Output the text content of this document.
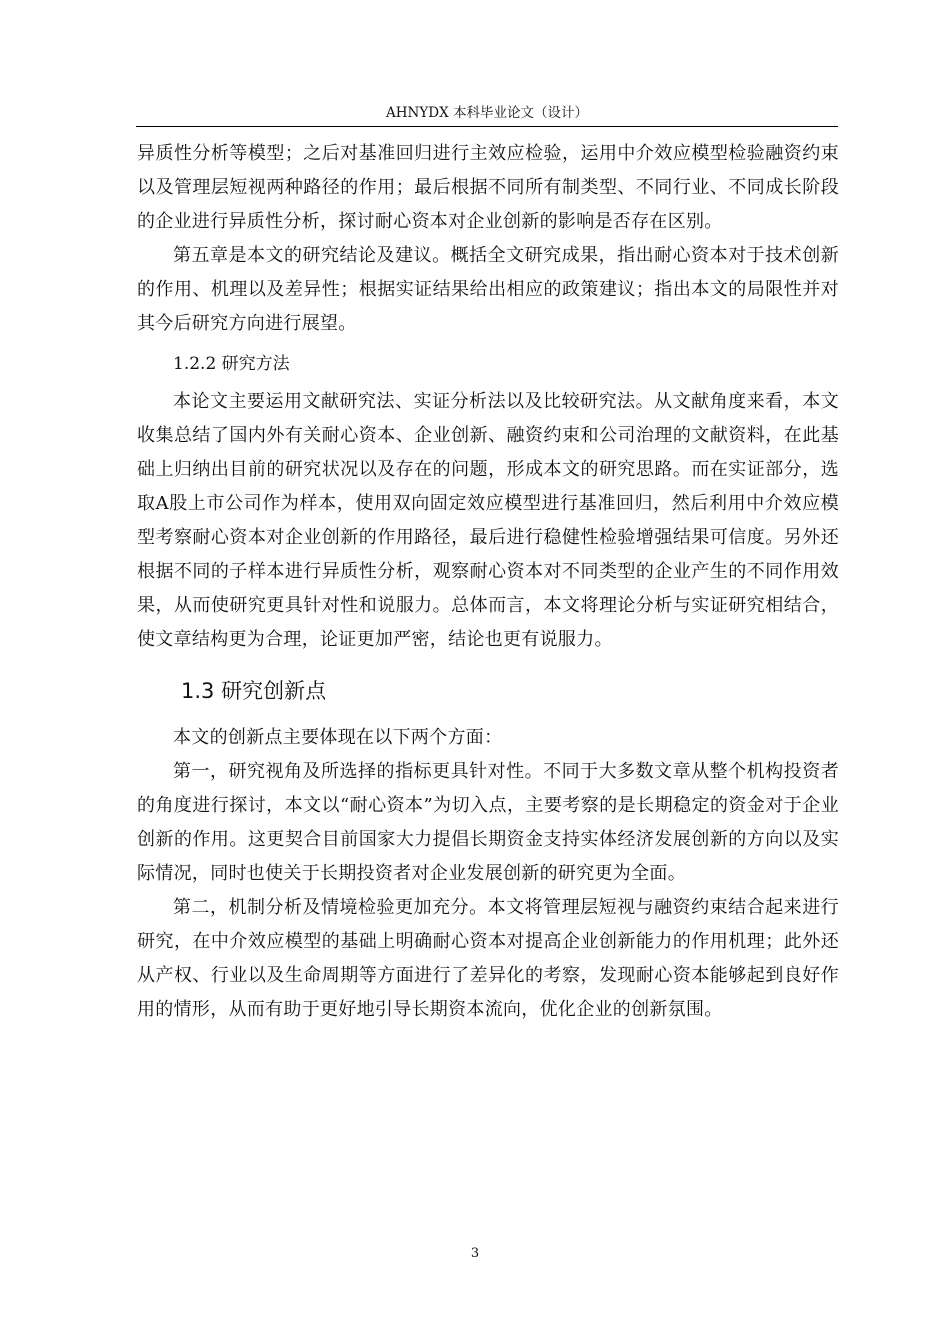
AHNYDX 本科毕业论文（设计）

异质性分析等模型；之后对基准回归进行主效应检验，运用中介效应模型检验融资约束以及管理层短视两种路径的作用；最后根据不同所有制类型、不同行业、不同成长阶段的企业进行异质性分析，探讨耐心资本对企业创新的影响是否存在区别。

第五章是本文的研究结论及建议。概括全文研究成果，指出耐心资本对于技术创新的作用、机理以及差异性；根据实证结果给出相应的政策建议；指出本文的局限性并对其今后研究方向进行展望。

1.2.2 研究方法

本论文主要运用文献研究法、实证分析法以及比较研究法。从文献角度来看，本文收集总结了国内外有关耐心资本、企业创新、融资约束和公司治理的文献资料，在此基础上归纳出目前的研究状况以及存在的问题，形成本文的研究思路。而在实证部分，选取A股上市公司作为样本，使用双向固定效应模型进行基准回归，然后利用中介效应模型考察耐心资本对企业创新的作用路径，最后进行稳健性检验增强结果可信度。另外还根据不同的子样本进行异质性分析，观察耐心资本对不同类型的企业产生的不同作用效果，从而使研究更具针对性和说服力。总体而言，本文将理论分析与实证研究相结合，使文章结构更为合理，论证更加严密，结论也更有说服力。

1.3 研究创新点

本文的创新点主要体现在以下两个方面：

第一，研究视角及所选择的指标更具针对性。不同于大多数文章从整个机构投资者的角度进行探讨，本文以“耐心资本”为切入点，主要考察的是长期稳定的资金对于企业创新的作用。这更契合目前国家大力提倡长期资金支持实体经济发展创新的方向以及实际情况，同时也使关于长期投资者对企业发展创新的研究更为全面。

第二，机制分析及情境检验更加充分。本文将管理层短视与融资约束结合起来进行研究，在中介效应模型的基础上明确耐心资本对提高企业创新能力的作用机理；此外还从产权、行业以及生命周期等方面进行了差异化的考察，发现耐心资本能够起到良好作用的情形，从而有助于更好地引导长期资本流向，优化企业的创新氛围。

3
